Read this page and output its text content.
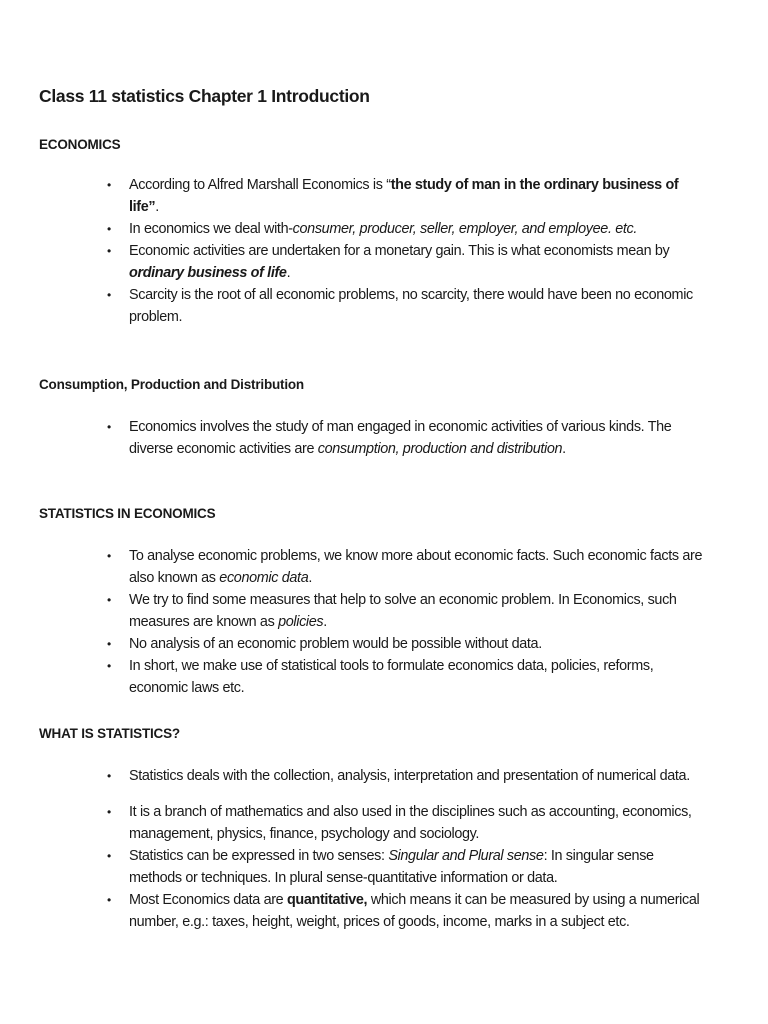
Class 11 statistics Chapter 1 Introduction
ECONOMICS
• According to Alfred Marshall Economics is “the study of man in the ordinary business of life”.
• In economics we deal with-consumer, producer, seller, employer, and employee. etc.
• Economic activities are undertaken for a monetary gain. This is what economists mean by ordinary business of life.
• Scarcity is the root of all economic problems, no scarcity, there would have been no economic problem.
Consumption, Production and Distribution
• Economics involves the study of man engaged in economic activities of various kinds. The diverse economic activities are consumption, production and distribution.
STATISTICS IN ECONOMICS
• To analyse economic problems, we know more about economic facts. Such economic facts are also known as economic data.
• We try to find some measures that help to solve an economic problem. In Economics, such measures are known as policies.
• No analysis of an economic problem would be possible without data.
• In short, we make use of statistical tools to formulate economics data, policies, reforms, economic laws etc.
WHAT IS STATISTICS?
• Statistics deals with the collection, analysis, interpretation and presentation of numerical data.
• It is a branch of mathematics and also used in the disciplines such as accounting, economics, management, physics, finance, psychology and sociology.
• Statistics can be expressed in two senses: Singular and Plural sense: In singular sense methods or techniques. In plural sense-quantitative information or data.
• Most Economics data are quantitative, which means it can be measured by using a numerical number, e.g.: taxes, height, weight, prices of goods, income, marks in a subject etc.
